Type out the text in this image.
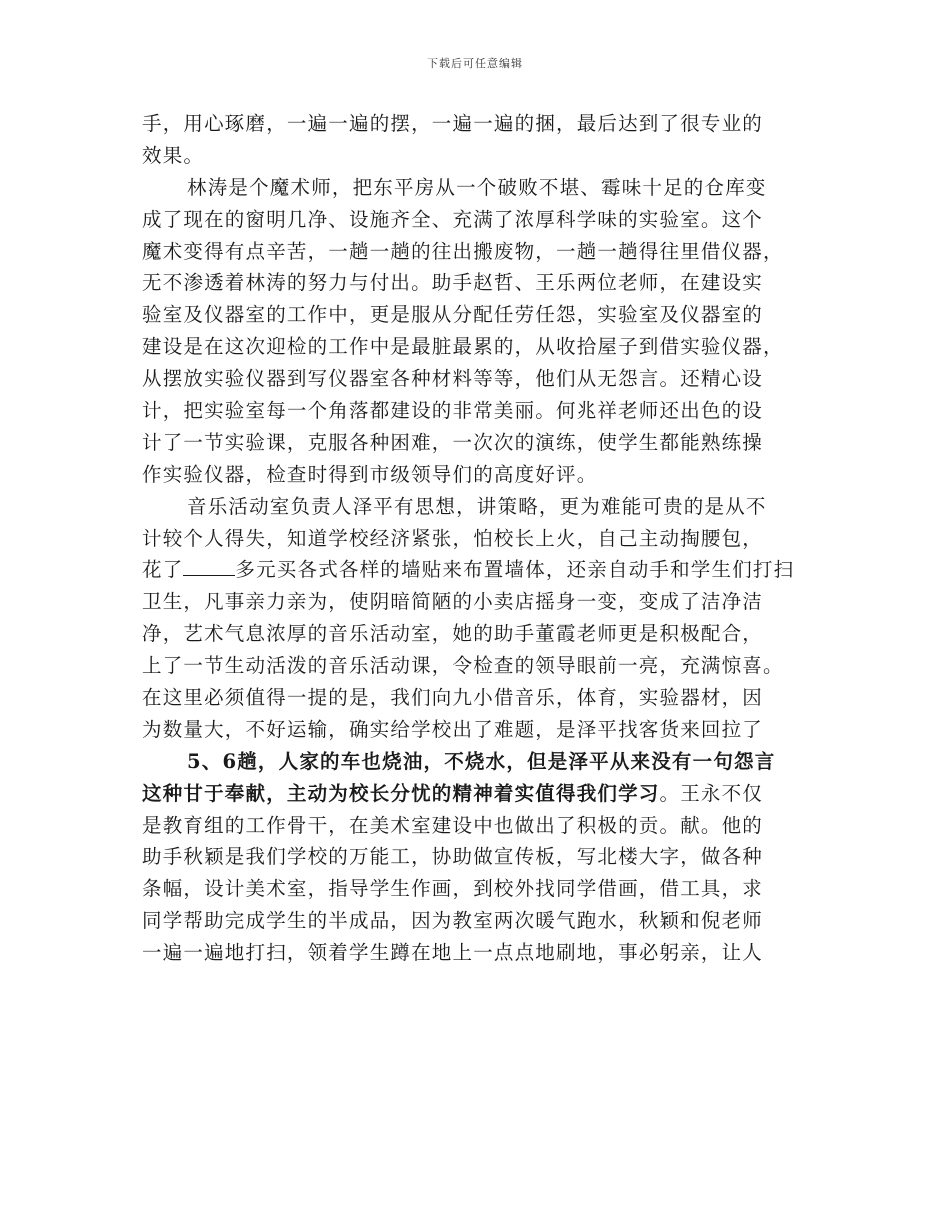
下载后可任意编辑
手，用心琢磨，一遍一遍的摆，一遍一遍的捆，最后达到了很专业的
效果。
林涛是个魔术师，把东平房从一个破败不堪、霉味十足的仓库变
成了现在的窗明几净、设施齐全、充满了浓厚科学味的实验室。这个
魔术变得有点辛苦，一趟一趟的往出搬废物，一趟一趟得往里借仪器，
无不渗透着林涛的努力与付出。助手赵哲、王乐两位老师，在建设实
验室及仪器室的工作中，更是服从分配任劳任怨，实验室及仪器室的
建设是在这次迎检的工作中是最脏最累的，从收拾屋子到借实验仪器，
从摆放实验仪器到写仪器室各种材料等等，他们从无怨言。还精心设
计，把实验室每一个角落都建设的非常美丽。何兆祥老师还出色的设
计了一节实验课，克服各种困难，一次次的演练，使学生都能熟练操
作实验仪器，检查时得到市级领导们的高度好评。
音乐活动室负责人泽平有思想，讲策略，更为难能可贵的是从不
计较个人得失，知道学校经济紧张，怕校长上火，自己主动掏腰包，
花了	多元买各式各样的墙贴来布置墙体，还亲自动手和学生们打扫
卫生，凡事亲力亲为，使阴暗简陋的小卖店摇身一变，变成了洁净洁
净，艺术气息浓厚的音乐活动室，她的助手董霞老师更是积极配合，
上了一节生动活泼的音乐活动课，令检查的领导眼前一亮，充满惊喜。
在这里必须值得一提的是，我们向九小借音乐，体育，实验器材，因
为数量大，不好运输，确实给学校出了难题，是泽平找客货来回拉了
5、6趟，人家的车也烧油，不烧水，但是泽平从来没有一句怨言
这种甘于奉献，主动为校长分忧的精神着实值得我们学习。王永不仅
是教育组的工作骨干，在美术室建设中也做出了积极的贡。献。他的
助手秋颖是我们学校的万能工，协助做宣传板，写北楼大字，做各种
条幅，设计美术室，指导学生作画，到校外找同学借画，借工具，求
同学帮助完成学生的半成品，因为教室两次暖气跑水，秋颖和倪老师
一遍一遍地打扫，领着学生蹲在地上一点点地刷地，事必躬亲，让人
